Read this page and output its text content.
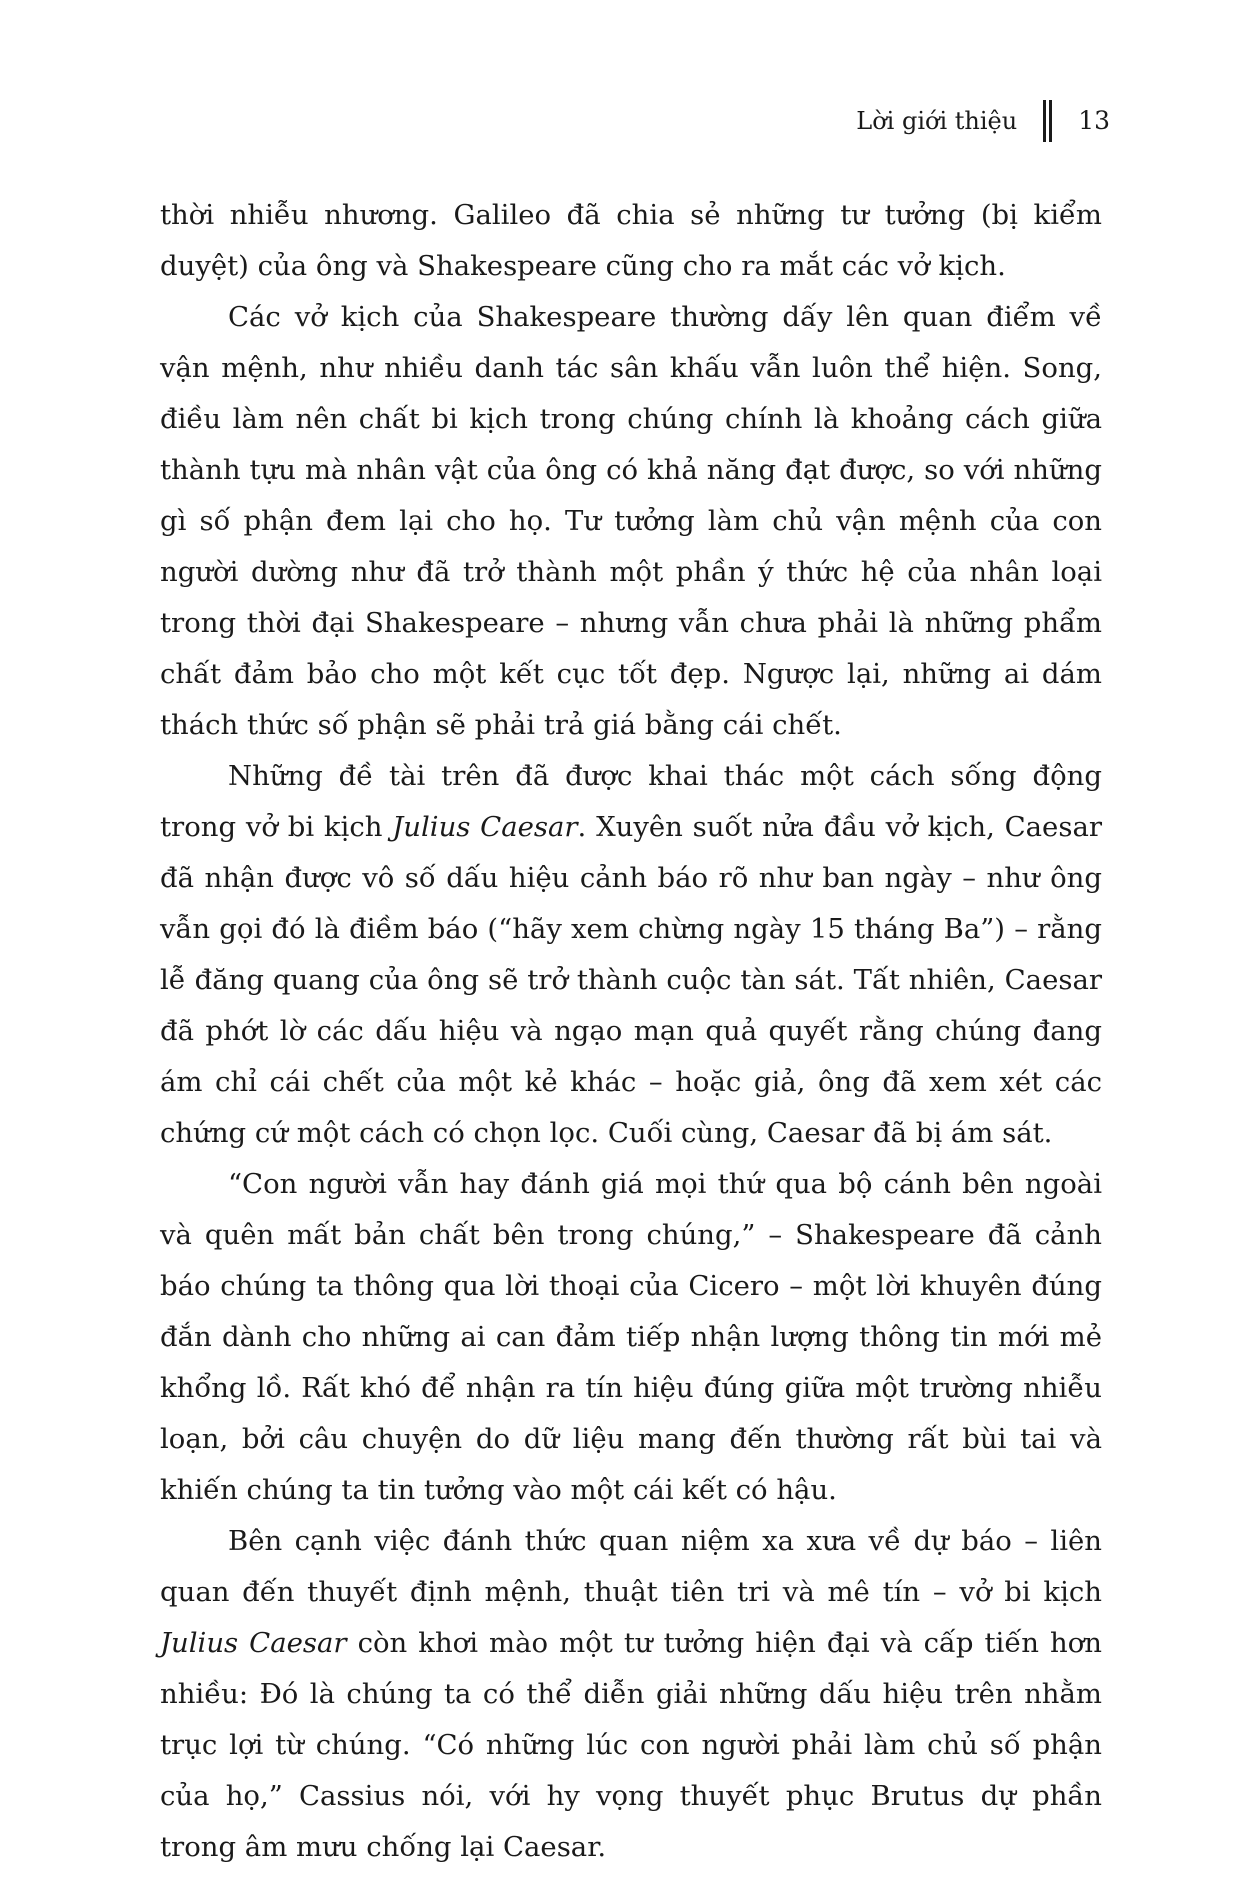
Lời giới thiệu 13

thời nhiễu nhương. Galileo đã chia sẻ những tư tưởng (bị kiểm duyệt) của ông và Shakespeare cũng cho ra mắt các vở kịch.

Các vở kịch của Shakespeare thường dấy lên quan điểm về vận mệnh, như nhiều danh tác sân khấu vẫn luôn thể hiện. Song, điều làm nên chất bi kịch trong chúng chính là khoảng cách giữa thành tựu mà nhân vật của ông có khả năng đạt được, so với những gì số phận đem lại cho họ. Tư tưởng làm chủ vận mệnh của con người dường như đã trở thành một phần ý thức hệ của nhân loại trong thời đại Shakespeare – nhưng vẫn chưa phải là những phẩm chất đảm bảo cho một kết cục tốt đẹp. Ngược lại, những ai dám thách thức số phận sẽ phải trả giá bằng cái chết.

Những đề tài trên đã được khai thác một cách sống động trong vở bi kịch Julius Caesar. Xuyên suốt nửa đầu vở kịch, Caesar đã nhận được vô số dấu hiệu cảnh báo rõ như ban ngày – như ông vẫn gọi đó là điềm báo (“hãy xem chừng ngày 15 tháng Ba”) – rằng lễ đăng quang của ông sẽ trở thành cuộc tàn sát. Tất nhiên, Caesar đã phớt lờ các dấu hiệu và ngạo mạn quả quyết rằng chúng đang ám chỉ cái chết của một kẻ khác – hoặc giả, ông đã xem xét các chứng cứ một cách có chọn lọc. Cuối cùng, Caesar đã bị ám sát.

“Con người vẫn hay đánh giá mọi thứ qua bộ cánh bên ngoài và quên mất bản chất bên trong chúng,” – Shakespeare đã cảnh báo chúng ta thông qua lời thoại của Cicero – một lời khuyên đúng đắn dành cho những ai can đảm tiếp nhận lượng thông tin mới mẻ khổng lồ. Rất khó để nhận ra tín hiệu đúng giữa một trường nhiễu loạn, bởi câu chuyện do dữ liệu mang đến thường rất bùi tai và khiến chúng ta tin tưởng vào một cái kết có hậu.

Bên cạnh việc đánh thức quan niệm xa xưa về dự báo – liên quan đến thuyết định mệnh, thuật tiên tri và mê tín – vở bi kịch Julius Caesar còn khơi mào một tư tưởng hiện đại và cấp tiến hơn nhiều: Đó là chúng ta có thể diễn giải những dấu hiệu trên nhằm trục lợi từ chúng. “Có những lúc con người phải làm chủ số phận của họ,” Cassius nói, với hy vọng thuyết phục Brutus dự phần trong âm mưu chống lại Caesar.
